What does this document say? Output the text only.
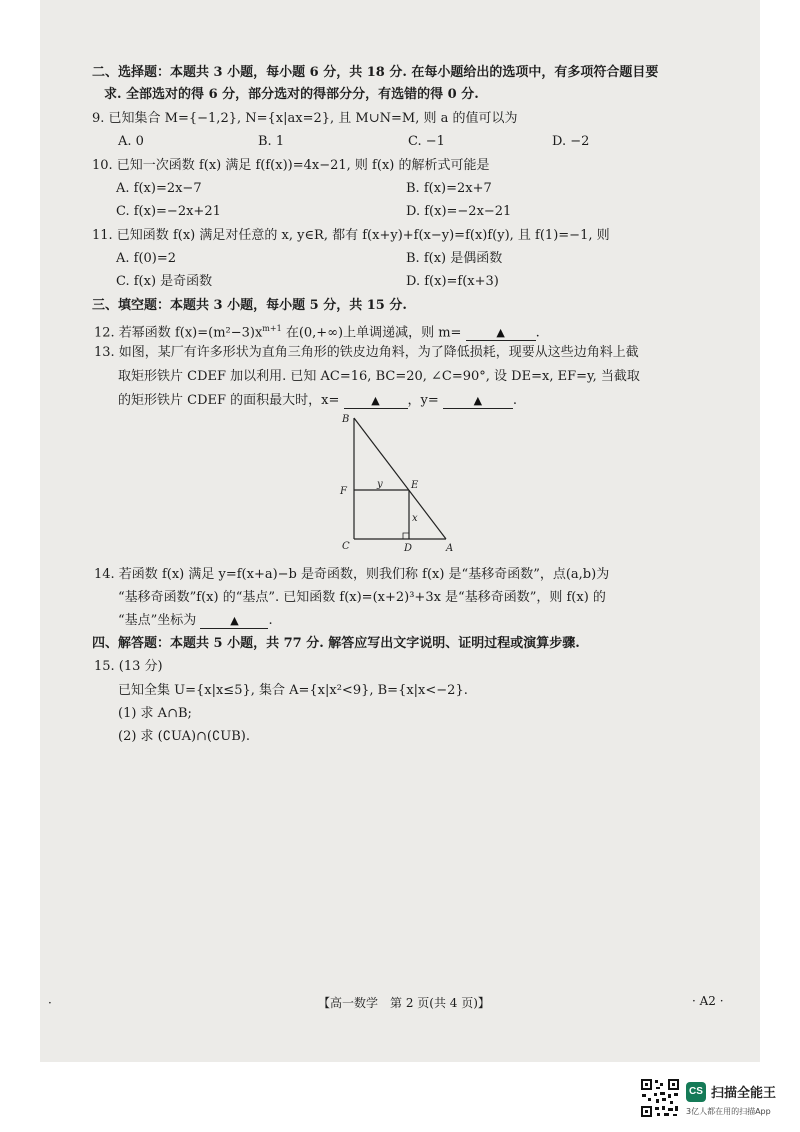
二、选择题：本题共 3 小题，每小题 6 分，共 18 分. 在每小题给出的选项中，有多项符合题目要
求. 全部选对的得 6 分，部分选对的得部分分，有选错的得 0 分.
9. 已知集合 M={−1,2}, N={x|ax=2}, 且 M∪N=M, 则 a 的值可以为
A. 0	B. 1	C. −1	D. −2
10. 已知一次函数 f(x) 满足 f(f(x))=4x−21, 则 f(x) 的解析式可能是
A. f(x)=2x−7	B. f(x)=2x+7
C. f(x)=−2x+21	D. f(x)=−2x−21
11. 已知函数 f(x) 满足对任意的 x, y∈R, 都有 f(x+y)+f(x−y)=f(x)f(y), 且 f(1)=−1, 则
A. f(0)=2	B. f(x) 是偶函数
C. f(x) 是奇函数	D. f(x)=f(x+3)
三、填空题：本题共 3 小题，每小题 5 分，共 15 分.
12. 若幂函数 $f(x)=(m^2-3)x^{m+1}$ 在(0,+∞)上单调递减，则 m=	▲ .
13. 如图，某厂有许多形状为直角三角形的铁皮边角料，为了降低损耗，现要从这些边角料上截
取矩形铁片 CDEF 加以利用. 已知 AC=16, BC=20, ∠C=90°, 设 DE=x, EF=y, 当截取
的矩形铁片 CDEF 的面积最大时，x=	▲ ，y=	▲ .
B
E
F
C	D	A
x
y
14. 若函数 f(x) 满足 y=f(x+a)−b 是奇函数，则我们称 f(x) 是“基移奇函数”，点(a,b)为
“基移奇函数”f(x) 的“基点”. 已知函数 f(x)=(x+2)³+3x 是“基移奇函数”，则 f(x) 的
“基点”坐标为	▲ .
四、解答题：本题共 5 小题，共 77 分. 解答应写出文字说明、证明过程或演算步骤.
15. (13 分)
已知全集 U={x|x≤5}, 集合 A={x|x²<9}, B={x|x<−2}.
(1) 求 A∩B;
(2) 求 (∁UA)∩(∁UB).
·	【高一数学　第 2 页(共 4 页)】	· A2 ·
CS 扫描全能王
3亿人都在用的扫描App
